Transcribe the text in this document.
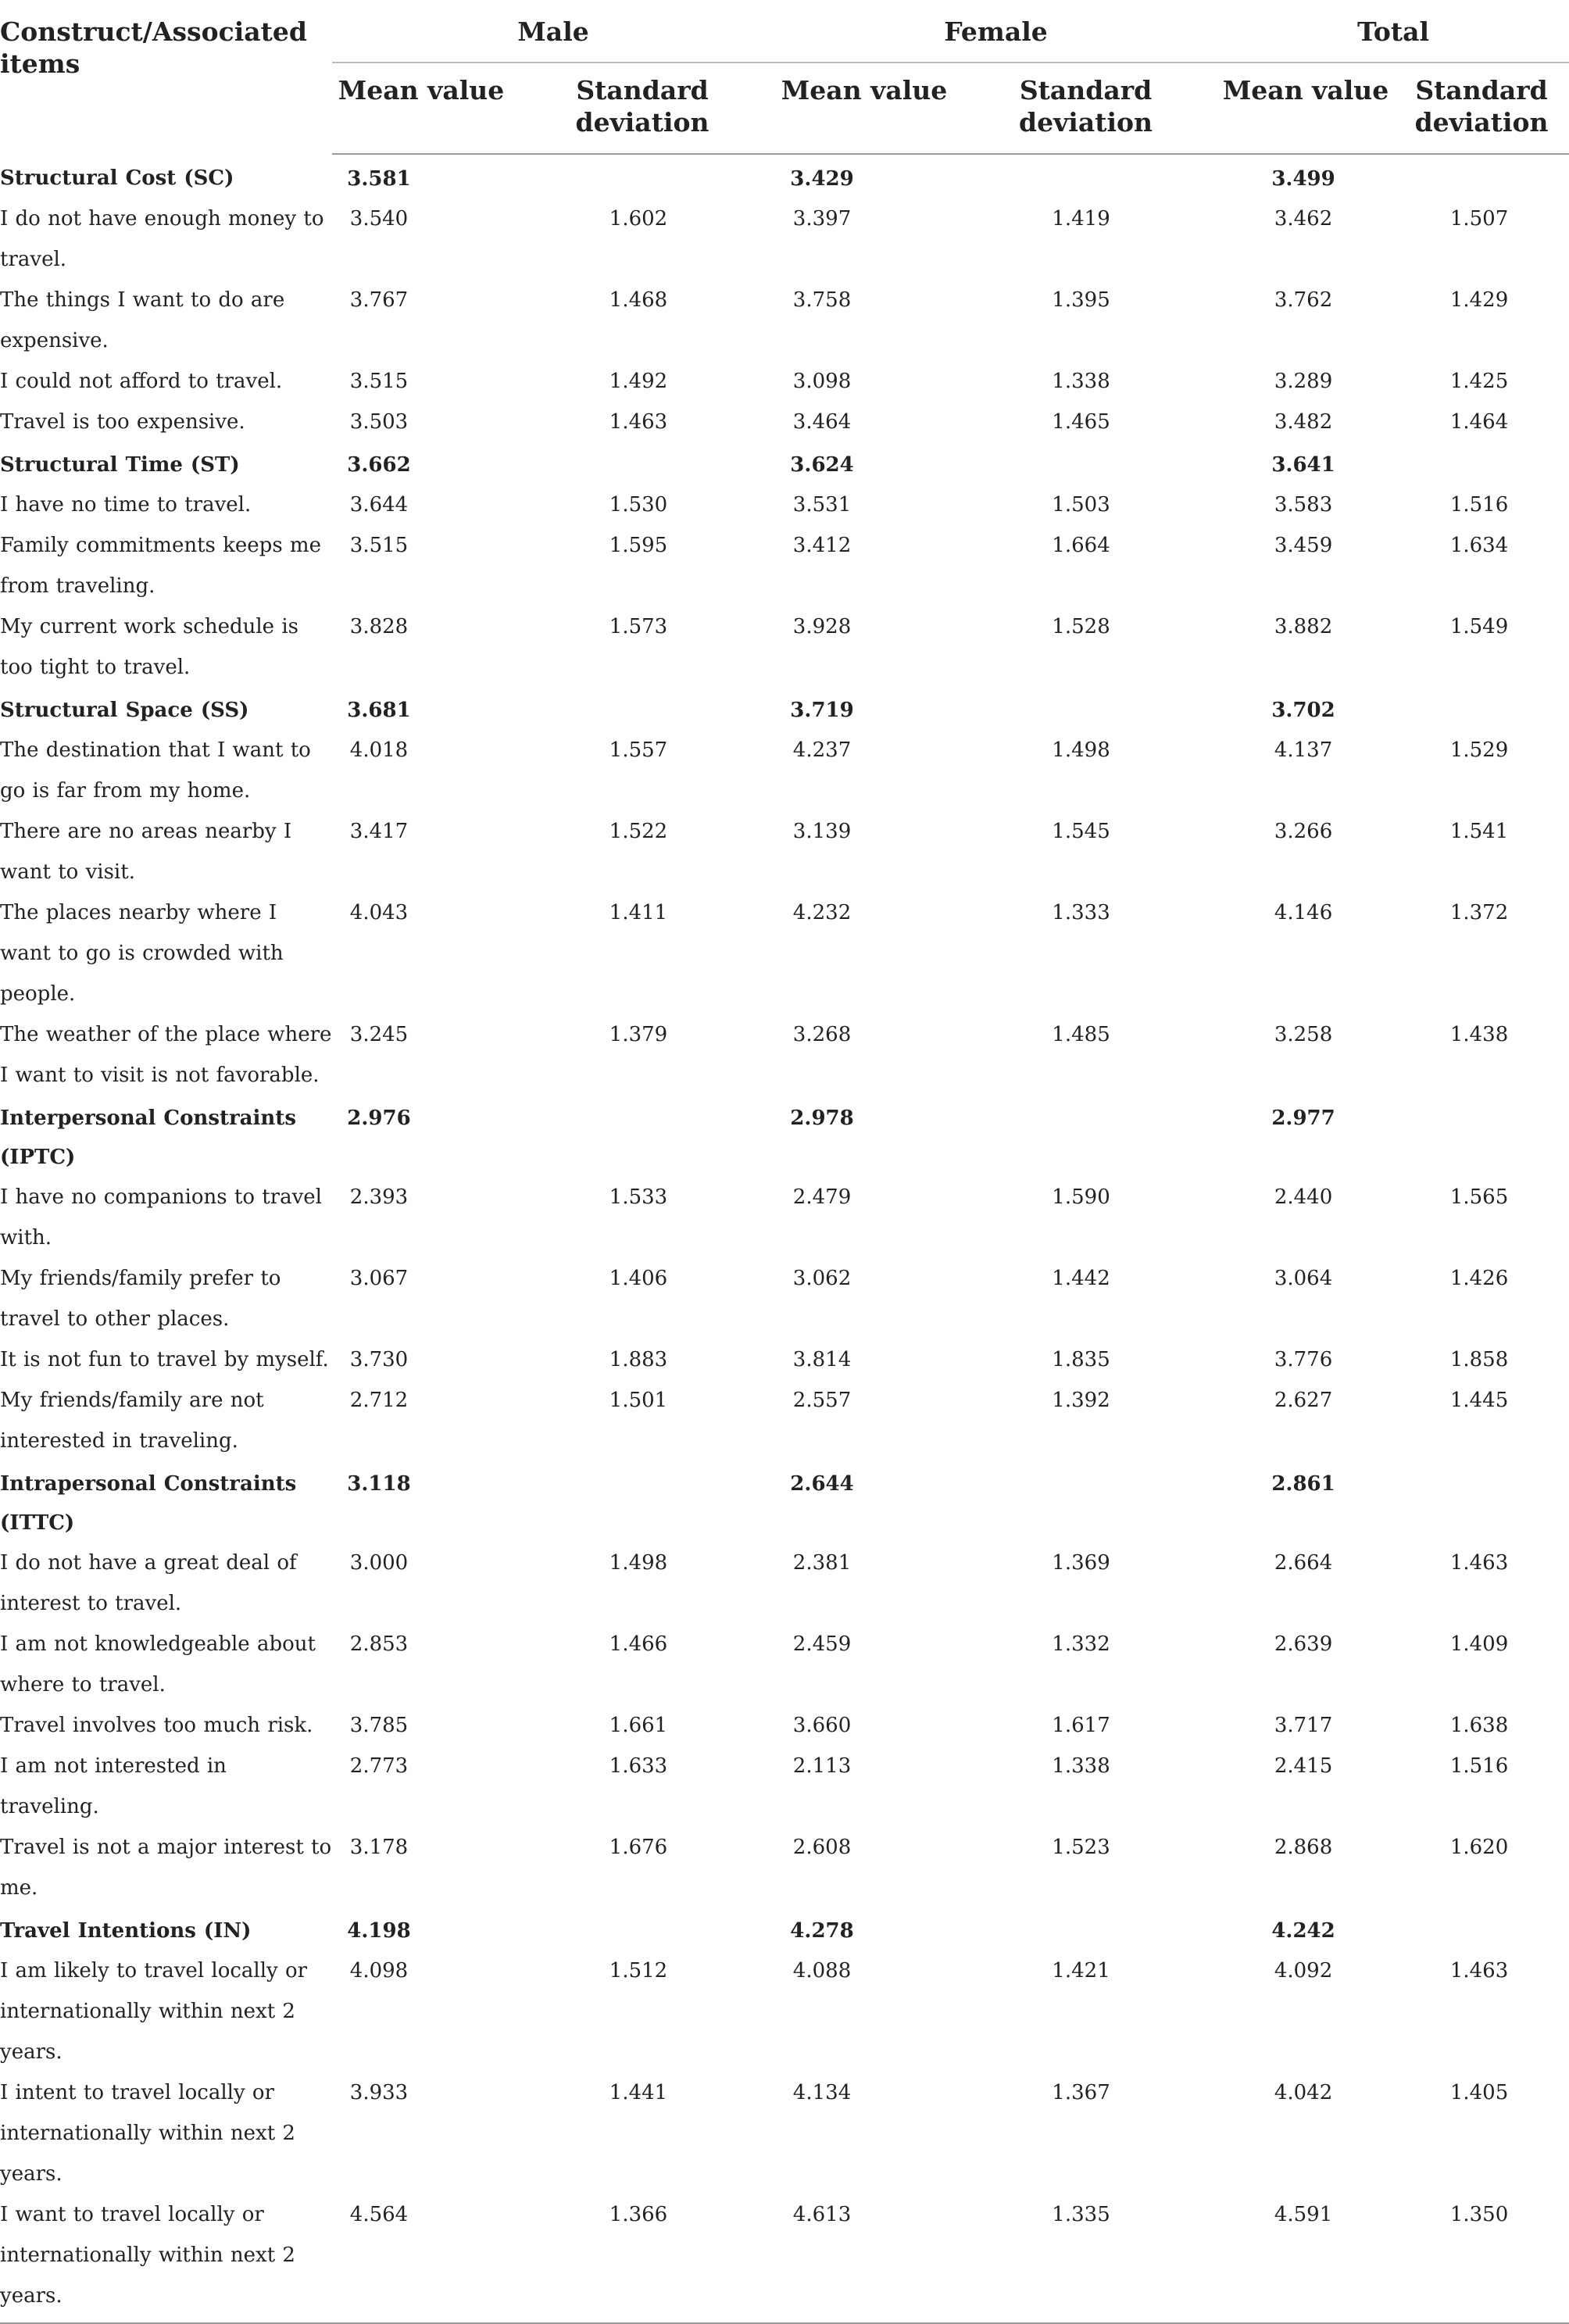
Construct/Associated items	Male		Female		Total	
	Mean value	Standard deviation	Mean value	Standard deviation	Mean value	Standard deviation
Structural Cost (SC)	3.581		3.429		3.499	
I do not have enough money to travel.	3.540	1.602	3.397	1.419	3.462	1.507
The things I want to do are expensive.	3.767	1.468	3.758	1.395	3.762	1.429
I could not afford to travel.	3.515	1.492	3.098	1.338	3.289	1.425
Travel is too expensive.	3.503	1.463	3.464	1.465	3.482	1.464
Structural Time (ST)	3.662		3.624		3.641	
I have no time to travel.	3.644	1.530	3.531	1.503	3.583	1.516
Family commitments keeps me from traveling.	3.515	1.595	3.412	1.664	3.459	1.634
My current work schedule is too tight to travel.	3.828	1.573	3.928	1.528	3.882	1.549
Structural Space (SS)	3.681		3.719		3.702	
The destination that I want to go is far from my home.	4.018	1.557	4.237	1.498	4.137	1.529
There are no areas nearby I want to visit.	3.417	1.522	3.139	1.545	3.266	1.541
The places nearby where I want to go is crowded with people.	4.043	1.411	4.232	1.333	4.146	1.372
The weather of the place where I want to visit is not favorable.	3.245	1.379	3.268	1.485	3.258	1.438
Interpersonal Constraints (IPTC)	2.976		2.978		2.977	
I have no companions to travel with.	2.393	1.533	2.479	1.590	2.440	1.565
My friends/family prefer to travel to other places.	3.067	1.406	3.062	1.442	3.064	1.426
It is not fun to travel by myself.	3.730	1.883	3.814	1.835	3.776	1.858
My friends/family are not interested in traveling.	2.712	1.501	2.557	1.392	2.627	1.445
Intrapersonal Constraints (ITTC)	3.118		2.644		2.861	
I do not have a great deal of interest to travel.	3.000	1.498	2.381	1.369	2.664	1.463
I am not knowledgeable about where to travel.	2.853	1.466	2.459	1.332	2.639	1.409
Travel involves too much risk.	3.785	1.661	3.660	1.617	3.717	1.638
I am not interested in traveling.	2.773	1.633	2.113	1.338	2.415	1.516
Travel is not a major interest to me.	3.178	1.676	2.608	1.523	2.868	1.620
Travel Intentions (IN)	4.198		4.278		4.242	
I am likely to travel locally or internationally within next 2 years.	4.098	1.512	4.088	1.421	4.092	1.463
I intent to travel locally or internationally within next 2 years.	3.933	1.441	4.134	1.367	4.042	1.405
I want to travel locally or internationally within next 2 years.	4.564	1.366	4.613	1.335	4.591	1.350
